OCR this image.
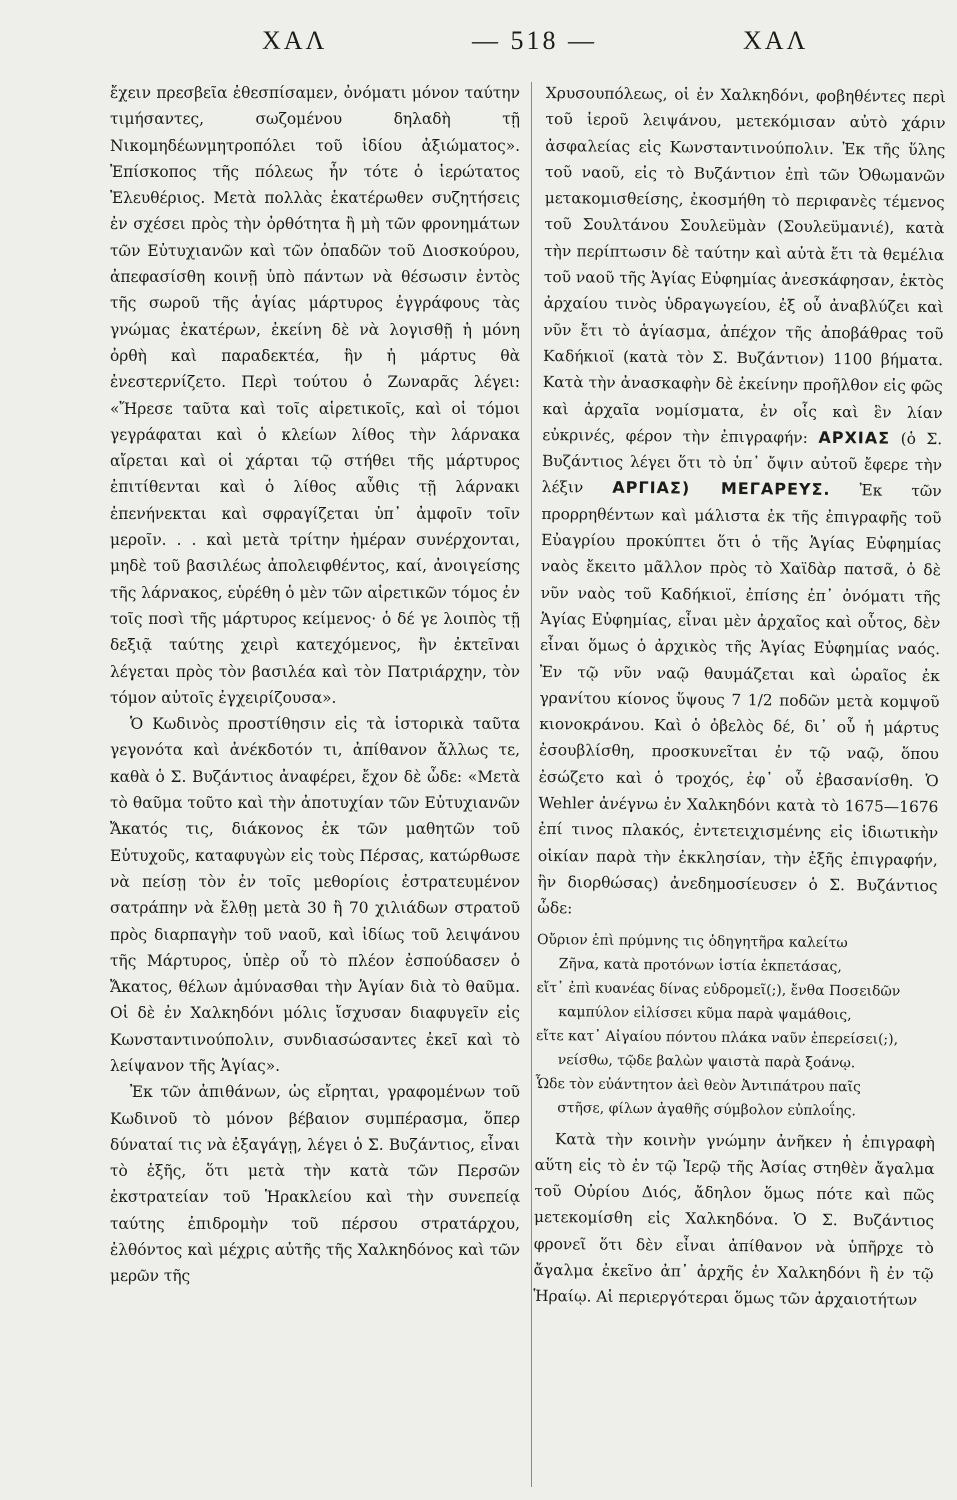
ΧΑΛ	— 518 —	ΧΑΛ

ἔχειν πρεσβεῖα ἐθεσπίσαμεν, ὀνόματι μόνον ταύτην τιμήσαντες, σωζομένου δηλαδὴ τῇ Νικομηδέωνμητροπόλει τοῦ ἰδίου ἀξιώματος». Ἐπίσκοπος τῆς πόλεως ἦν τότε ὁ ἱερώτατος Ἐλευθέριος. Μετὰ πολλὰς ἑκατέρωθεν συζητήσεις ἐν σχέσει πρὸς τὴν ὀρθότητα ἢ μὴ τῶν φρονημάτων τῶν Εὐτυχιανῶν καὶ τῶν ὀπαδῶν τοῦ Διοσκούρου, ἀπεφασίσθη κοινῇ ὑπὸ πάντων νὰ θέσωσιν ἐντὸς τῆς σωροῦ τῆς ἁγίας μάρτυρος ἐγγράφους τὰς γνώμας ἑκατέρων, ἐκείνη δὲ νὰ λογισθῇ ἡ μόνη ὀρθὴ καὶ παραδεκτέα, ἣν ἡ μάρτυς θὰ ἐνεστερνίζετο. Περὶ τούτου ὁ Ζωναρᾶς λέγει: «Ἤρεσε ταῦτα καὶ τοῖς αἱρετικοῖς, καὶ οἱ τόμοι γεγράφαται καὶ ὁ κλείων λίθος τὴν λάρνακα αἴρεται καὶ οἱ χάρται τῷ στήθει τῆς μάρτυρος ἐπιτίθενται καὶ ὁ λίθος αὖθις τῇ λάρνακι ἐπενήνεκται καὶ σφραγίζεται ὑπ᾽ ἀμφοῖν τοῖν μεροῖν. . . καὶ μετὰ τρίτην ἡμέραν συνέρχονται, μηδὲ τοῦ βασιλέως ἀπολειφθέντος, καί, ἀνοιγείσης τῆς λάρνακος, εὑρέθη ὁ μὲν τῶν αἱρετικῶν τόμος ἐν τοῖς ποσὶ τῆς μάρτυρος κείμενος· ὁ δέ γε λοιπὸς τῇ δεξιᾷ ταύτης χειρὶ κατεχόμενος, ἣν ἐκτεῖναι λέγεται πρὸς τὸν βασιλέα καὶ τὸν Πατριάρχην, τὸν τόμον αὐτοῖς ἐγχειρίζουσα».

Ὁ Κωδινὸς προστίθησιν εἰς τὰ ἱστορικὰ ταῦτα γεγονότα καὶ ἀνέκδοτόν τι, ἀπίθανον ἄλλως τε, καθὰ ὁ Σ. Βυζάντιος ἀναφέρει, ἔχον δὲ ὧδε: «Μετὰ τὸ θαῦμα τοῦτο καὶ τὴν ἀποτυχίαν τῶν Εὐτυχιανῶν Ἄκατός τις, διάκονος ἐκ τῶν μαθητῶν τοῦ Εὐτυχοῦς, καταφυγὼν εἰς τοὺς Πέρσας, κατώρθωσε νὰ πείσῃ τὸν ἐν τοῖς μεθορίοις ἐστρατευμένον σατράπην νὰ ἔλθῃ μετὰ 30 ἢ 70 χιλιάδων στρατοῦ πρὸς διαρπαγὴν τοῦ ναοῦ, καὶ ἰδίως τοῦ λειψάνου τῆς Μάρτυρος, ὑπὲρ οὗ τὸ πλέον ἐσπούδασεν ὁ Ἄκατος, θέλων ἀμύνασθαι τὴν Ἁγίαν διὰ τὸ θαῦμα. Οἱ δὲ ἐν Χαλκηδόνι μόλις ἴσχυσαν διαφυγεῖν εἰς Κωνσταντινούπολιν, συνδιασώσαντες ἐκεῖ καὶ τὸ λείψανον τῆς Ἁγίας».

Ἐκ τῶν ἀπιθάνων, ὡς εἴρηται, γραφομένων τοῦ Κωδινοῦ τὸ μόνον βέβαιον συμπέρασμα, ὅπερ δύναταί τις νὰ ἐξαγάγῃ, λέγει ὁ Σ. Βυζάντιος, εἶναι τὸ ἑξῆς, ὅτι μετὰ τὴν κατὰ τῶν Περσῶν ἐκστρατείαν τοῦ Ἡρακλείου καὶ τὴν συνεπείᾳ ταύτης ἐπιδρομὴν τοῦ πέρσου στρατάρχου, ἐλθόντος καὶ μέχρις αὐτῆς τῆς Χαλκηδόνος καὶ τῶν μερῶν τῆς

Χρυσουπόλεως, οἱ ἐν Χαλκηδόνι, φοβηθέντες περὶ τοῦ ἱεροῦ λειψάνου, μετεκόμισαν αὐτὸ χάριν ἀσφαλείας εἰς Κωνσταντινούπολιν. Ἐκ τῆς ὕλης τοῦ ναοῦ, εἰς τὸ Βυζάντιον ἐπὶ τῶν Ὀθωμανῶν μετακομισθείσης, ἐκοσμήθη τὸ περιφανὲς τέμενος τοῦ Σουλτάνου Σουλεϋμὰν (Σουλεϋμανιέ), κατὰ τὴν περίπτωσιν δὲ ταύτην καὶ αὐτὰ ἔτι τὰ θεμέλια τοῦ ναοῦ τῆς Ἁγίας Εὐφημίας ἀνεσκάφησαν, ἐκτὸς ἀρχαίου τινὸς ὑδραγωγείου, ἐξ οὗ ἀναβλύζει καὶ νῦν ἔτι τὸ ἁγίασμα, ἀπέχον τῆς ἀποβάθρας τοῦ Καδήκιοϊ (κατὰ τὸν Σ. Βυζάντιον) 1100 βήματα. Κατὰ τὴν ἀνασκαφὴν δὲ ἐκείνην προῆλθον εἰς φῶς καὶ ἀρχαῖα νομίσματα, ἐν οἷς καὶ ἓν λίαν εὐκρινές, φέρον τὴν ἐπιγραφήν: ΑΡΧΙΑΣ (ὁ Σ. Βυζάντιος λέγει ὅτι τὸ ὑπ᾽ ὄψιν αὐτοῦ ἔφερε τὴν λέξιν ΑΡΓΙΑΣ) ΜΕΓΑΡΕΥΣ. Ἐκ τῶν προρρηθέντων καὶ μάλιστα ἐκ τῆς ἐπιγραφῆς τοῦ Εὐαγρίου προκύπτει ὅτι ὁ τῆς Ἁγίας Εὐφημίας ναὸς ἔκειτο μᾶλλον πρὸς τὸ Χαϊδὰρ πατσᾶ, ὁ δὲ νῦν ναὸς τοῦ Καδήκιοϊ, ἐπίσης ἐπ᾽ ὀνόματι τῆς Ἁγίας Εὐφημίας, εἶναι μὲν ἀρχαῖος καὶ οὗτος, δὲν εἶναι ὅμως ὁ ἀρχικὸς τῆς Ἁγίας Εὐφημίας ναός. Ἐν τῷ νῦν ναῷ θαυμάζεται καὶ ὡραῖος ἐκ γρανίτου κίονος ὕψους 7 1/2 ποδῶν μετὰ κομψοῦ κιονοκράνου. Καὶ ὁ ὀβελὸς δέ, δι᾽ οὗ ἡ μάρτυς ἐσουβλίσθη, προσκυνεῖται ἐν τῷ ναῷ, ὅπου ἐσώζετο καὶ ὁ τροχός, ἐφ᾽ οὗ ἐβασανίσθη. Ὁ Wehler ἀνέγνω ἐν Χαλκηδόνι κατὰ τὸ 1675—1676 ἐπί τινος πλακός, ἐντετειχισμένης εἰς ἰδιωτικὴν οἰκίαν παρὰ τὴν ἐκκλησίαν, τὴν ἑξῆς ἐπιγραφήν, ἣν διορθώσας) ἀνεδημοσίευσεν ὁ Σ. Βυζάντιος ὧδε:

Οὔριον ἐπὶ πρύμνης τις ὁδηγητῆρα καλείτω
Ζῆνα, κατὰ προτόνων ἱστία ἐκπετάσας,
εἴτ᾽ ἐπὶ κυανέας δίνας εὐδρομεῖ(;), ἔνθα Ποσειδῶν
καμπύλον εἱλίσσει κῦμα παρὰ ψαμάθοις,
εἴτε κατ᾽ Αἰγαίου πόντου πλάκα ναῦν ἐπερείσει(;),
νείσθω, τῷδε βαλὼν ψαιστὰ παρὰ ξοάνῳ.
Ὧδε τὸν εὐάντητον ἀεὶ θεὸν Ἀντιπάτρου παῖς
στῆσε, φίλων ἀγαθῆς σύμβολον εὐπλοΐης.

Κατὰ τὴν κοινὴν γνώμην ἀνῆκεν ἡ ἐπιγραφὴ αὕτη εἰς τὸ ἐν τῷ Ἱερῷ τῆς Ἀσίας στηθὲν ἄγαλμα τοῦ Οὐρίου Διός, ἄδηλον ὅμως πότε καὶ πῶς μετεκομίσθη εἰς Χαλκηδόνα. Ὁ Σ. Βυζάντιος φρονεῖ ὅτι δὲν εἶναι ἀπίθανον νὰ ὑπῆρχε τὸ ἄγαλμα ἐκεῖνο ἀπ᾽ ἀρχῆς ἐν Χαλκηδόνι ἢ ἐν τῷ Ἡραίῳ. Αἱ περιεργότεραι ὅμως τῶν ἀρχαιοτήτων
